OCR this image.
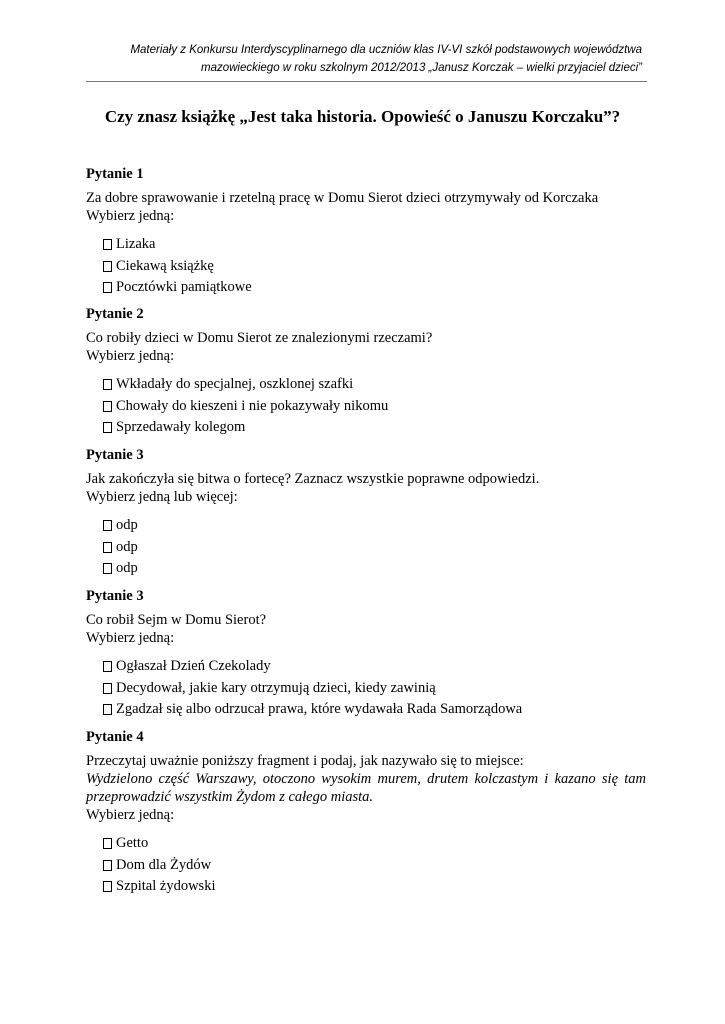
Materiały z Konkursu Interdyscyplinarnego dla uczniów klas IV-VI szkół podstawowych województwa
mazowieckiego w roku szkolnym 2012/2013 „Janusz Korczak – wielki przyjaciel dzieci”
Czy znasz książkę „Jest taka historia. Opowieść o Januszu Korczaku”?
Pytanie 1
Za dobre sprawowanie i rzetelną pracę w Domu Sierot dzieci otrzymywały od Korczaka
Wybierz jedną:
Lizaka
Ciekawą książkę
Pocztówki pamiątkowe
Pytanie 2
Co robiły dzieci w Domu Sierot ze znalezionymi rzeczami?
Wybierz jedną:
Wkładały do specjalnej, oszklonej szafki
Chowały do kieszeni i nie pokazywały nikomu
Sprzedawały kolegom
Pytanie 3
Jak zakończyła się bitwa o fortecę? Zaznacz wszystkie poprawne odpowiedzi.
Wybierz jedną lub więcej:
odp
odp
odp
Pytanie 3
Co robił Sejm w Domu Sierot?
Wybierz jedną:
Ogłaszał Dzień Czekolady
Decydował, jakie kary otrzymują dzieci, kiedy zawinią
Zgadzał się albo odrzucał prawa, które wydawała Rada Samorządowa
Pytanie 4
Przeczytaj uważnie poniższy fragment i podaj, jak nazywało się to miejsce:
Wydzielono część Warszawy, otoczono wysokim murem, drutem kolczastym i kazano się tam przeprowadzić wszystkim Żydom z całego miasta.
Wybierz jedną:
Getto
Dom dla Żydów
Szpital żydowski
